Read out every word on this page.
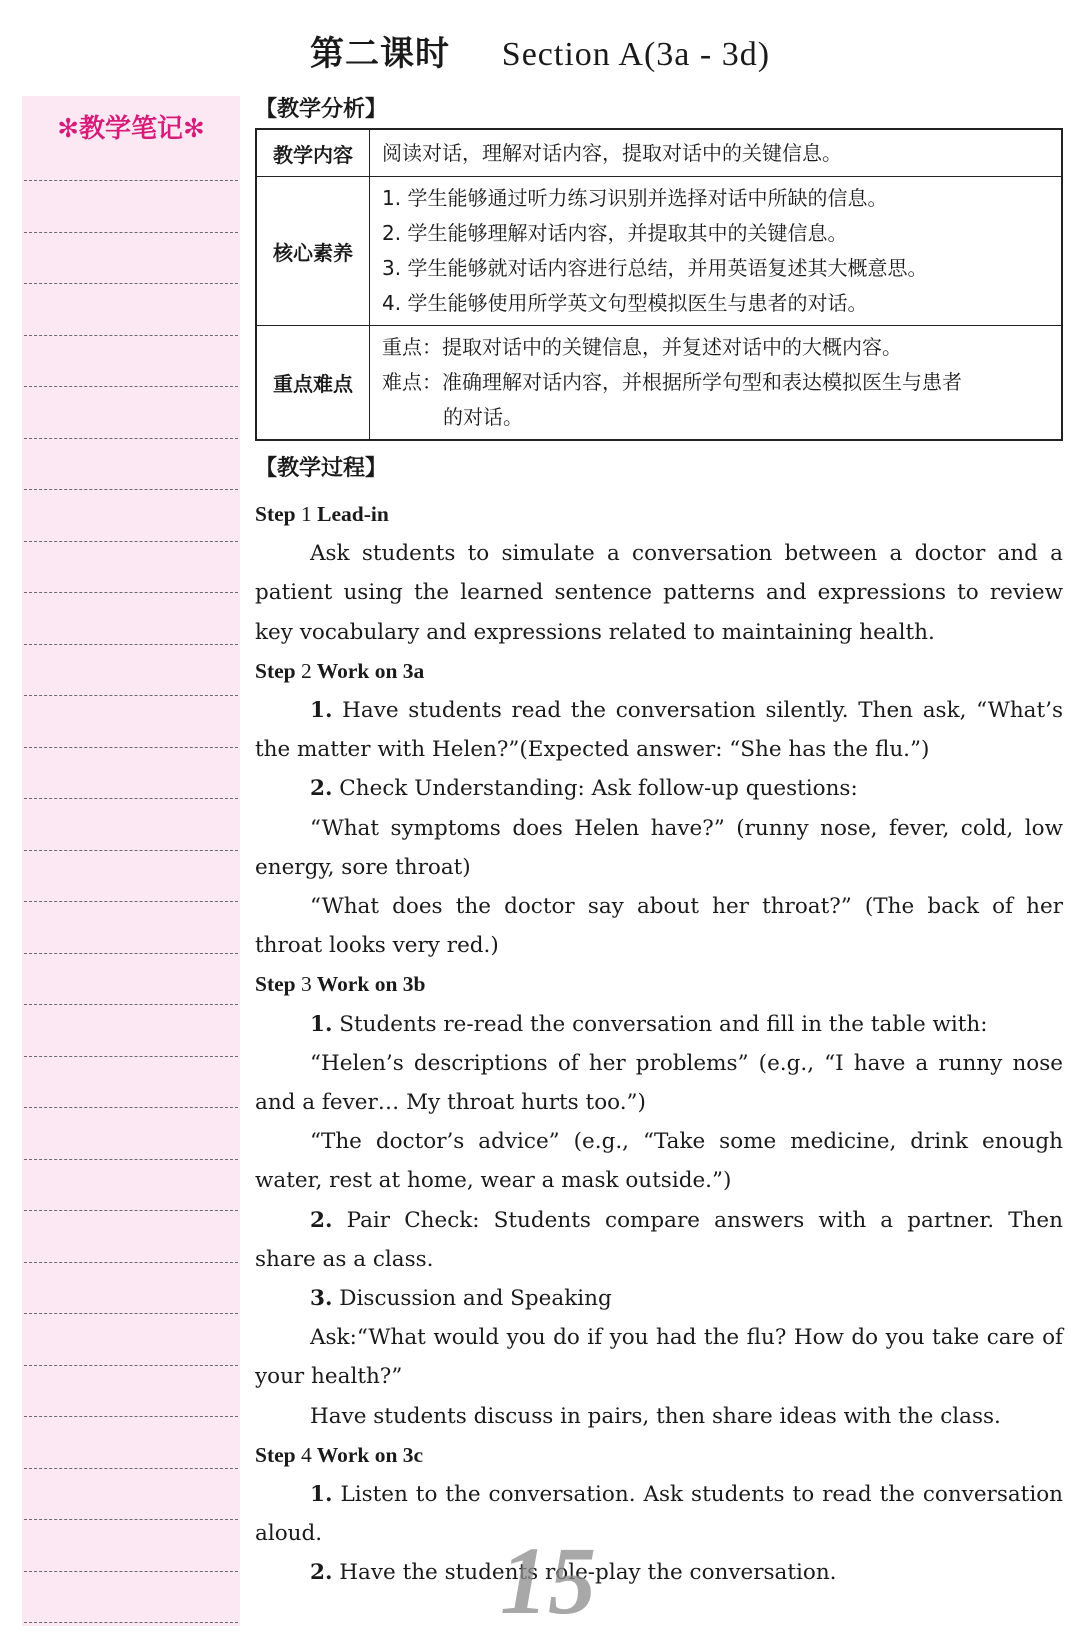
第二课时 Section A(3a - 3d)
✻教学笔记✻
【教学分析】
教学内容	阅读对话，理解对话内容，提取对话中的关键信息。
核心素养	1. 学生能够通过听力练习识别并选择对话中所缺的信息。
2. 学生能够理解对话内容，并提取其中的关键信息。
3. 学生能够就对话内容进行总结，并用英语复述其大概意思。
4. 学生能够使用所学英文句型模拟医生与患者的对话。

重点难点	重点：提取对话中的关键信息，并复述对话中的大概内容。
难点：准确理解对话内容，并根据所学句型和表达模拟医生与患者
的对话。
【教学过程】
Step 1 Lead-in
Ask students to simulate a conversation between a doctor and a patient using the learned sentence patterns and expressions to review key vocabulary and expressions related to maintaining health.
Step 2 Work on 3a
1. Have students read the conversation silently. Then ask, “What’s the matter with Helen?”(Expected answer: “She has the flu.”)
2. Check Understanding: Ask follow-up questions:
“What symptoms does Helen have?” (runny nose, fever, cold, low energy, sore throat)
“What does the doctor say about her throat?” (The back of her throat looks very red.)
Step 3 Work on 3b
1. Students re-read the conversation and fill in the table with:
“Helen’s descriptions of her problems” (e.g., “I have a runny nose and a fever… My throat hurts too.”)
“The doctor’s advice” (e.g., “Take some medicine, drink enough water, rest at home, wear a mask outside.”)
2. Pair Check: Students compare answers with a partner. Then share as a class.
3. Discussion and Speaking
Ask:“What would you do if you had the flu? How do you take care of your health?”
Have students discuss in pairs, then share ideas with the class.
Step 4 Work on 3c
1. Listen to the conversation. Ask students to read the conversation aloud.
2. Have the students role-play the conversation.
15
